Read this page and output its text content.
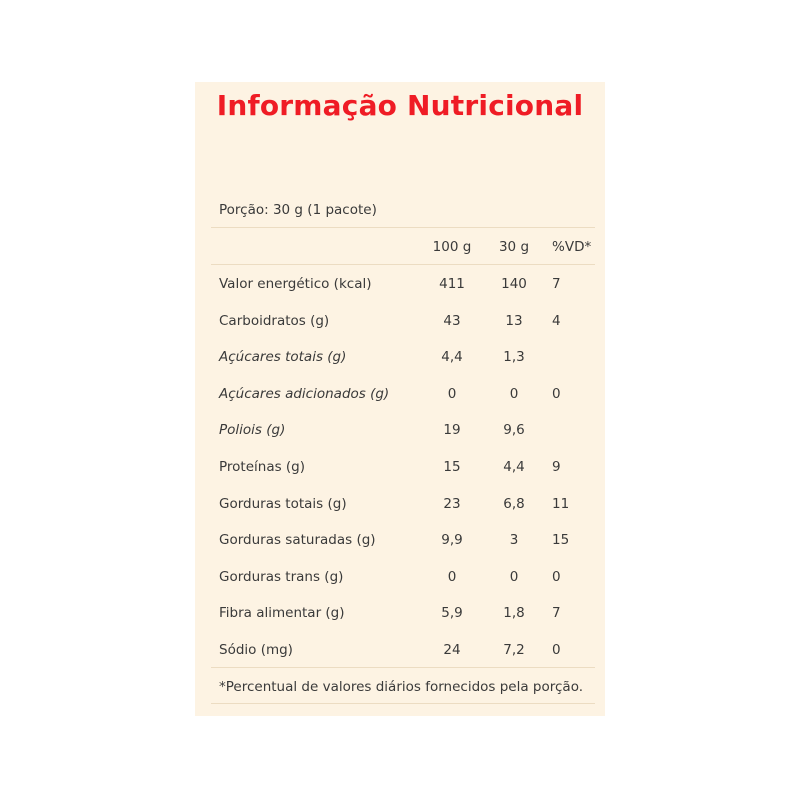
Informação Nutricional
Porção: 30 g (1 pacote)
100 g	30 g	%VD*
Valor energético (kcal)	411	140	7
Carboidratos (g)	43	13	4
Açúcares totais (g)	4,4	1,3
Açúcares adicionados (g)	0	0	0
Poliois (g)	19	9,6
Proteínas (g)	15	4,4	9
Gorduras totais (g)	23	6,8	11
Gorduras saturadas (g)	9,9	3	15
Gorduras trans (g)	0	0	0
Fibra alimentar (g)	5,9	1,8	7
Sódio (mg)	24	7,2	0
*Percentual de valores diários fornecidos pela porção.
